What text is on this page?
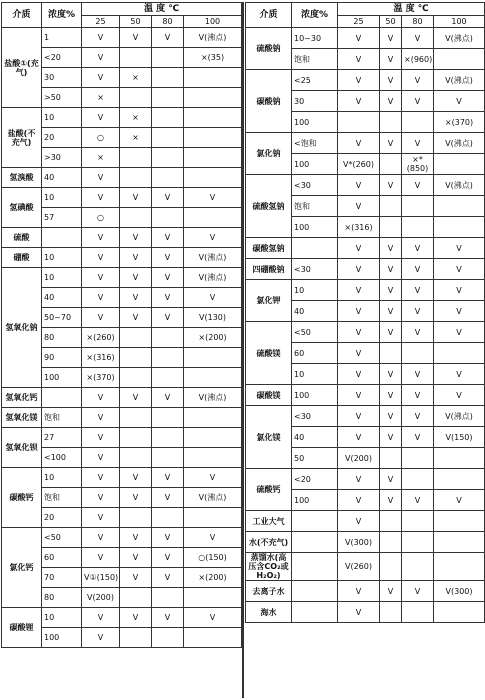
介质	浓度%	温 度 ℃			
		25	50	80	100
盐酸①(充气)	1	V	V	V	V(沸点)
	<20	V			×(35)
	30	V	×		
	>50	×			
盐酸(不充气)	10	V	×		
	20	○	×		
	>30	×			
氢溴酸	40	V			
氢碘酸	10	V	V	V	V
	57	○			
硫酸		V	V	V	V
硼酸	10	V	V	V	V(沸点)
氢氧化钠	10	V	V	V	V(沸点)
	40	V	V	V	V
	50~70	V	V	V	V(130)
	80	×(260)			×(200)
	90	×(316)			
	100	×(370)			
氢氧化钙		V	V	V	V(沸点)
氢氧化镁	饱和	V			
氢氧化钡	27	V			
	<100	V			
碳酸钙	10	V	V	V	V
	饱和	V	V	V	V(沸点)
	20	V			
氯化钙	<50	V	V	V	V
	60	V	V	V	○(150)
	70	V①(150)	V	V	×(200)
	80	V(200)			
碳酸锂	10	V	V	V	V
	100	V			
介质	浓度%	温 度 ℃			
		25	50	80	100
硫酸钠	10~30	V	V	V	V(沸点)
	饱和	V	V	×(960)	
碳酸钠	<25	V	V	V	V(沸点)
	30	V	V	V	V
	100				×(370)
氯化钠	<饱和	V	V	V	V(沸点)
	100	V*(260)		×*(850)	
硫酸氢钠	<30	V	V	V	V(沸点)
	饱和	V			
	100	×(316)			
碳酸氢钠		V	V	V	V
四硼酸钠	<30	V	V	V	V
氯化钾	10	V	V	V	V
	40	V	V	V	V
硫酸镁	<50	V	V	V	V
	60	V			
	10	V	V	V	V
碳酸镁	100	V	V	V	V
氯化镁	<30	V	V	V	V(沸点)
	40	V	V	V	V(150)
	50	V(200)			
硫酸钙	<20	V	V		
	100	V	V	V	V
工业大气		V			
水(不充气)		V(300)			
蒸馏水(高压含CO₂或H₂O₂)		V(260)			
去离子水		V	V	V	V(300)
海水		V			
